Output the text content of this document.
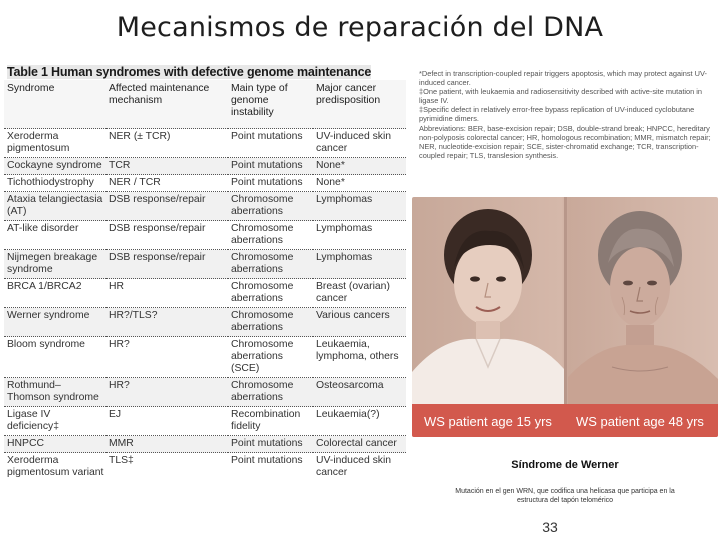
Mecanismos de reparación del DNA
Table 1 Human syndromes with defective genome maintenance
Syndrome	Affected maintenance mechanism	Main type of genome instability	Major cancer predisposition
Xeroderma pigmentosum	NER (± TCR)	Point mutations	UV-induced skin cancer
Cockayne syndrome	TCR	Point mutations	None*
Tichothiodystrophy	NER / TCR	Point mutations	None*
Ataxia telangiectasia (AT)	DSB response/repair	Chromosome aberrations	Lymphomas
AT-like disorder	DSB response/repair	Chromosome aberrations	Lymphomas
Nijmegen breakage syndrome	DSB response/repair	Chromosome aberrations	Lymphomas
BRCA 1/BRCA2	HR	Chromosome aberrations	Breast (ovarian) cancer
Werner syndrome	HR?/TLS?	Chromosome aberrations	Various cancers
Bloom syndrome	HR?	Chromosome aberrations (SCE)	Leukaemia, lymphoma, others
Rothmund–Thomson syndrome	HR?	Chromosome aberrations	Osteosarcoma
Ligase IV deficiency‡	EJ	Recombination fidelity	Leukaemia(?)
HNPCC	MMR	Point mutations	Colorectal cancer
Xeroderma pigmentosum variant	TLS‡	Point mutations	UV-induced skin cancer

*Defect in transcription-coupled repair triggers apoptosis, which may protect against UV-induced cancer.

‡One patient, with leukaemia and radiosensitivity described with active-site mutation in ligase IV.

‡Specific defect in relatively error-free bypass replication of UV-induced cyclobutane pyrimidine dimers.

Abbreviations: BER, base-excision repair; DSB, double-strand break; HNPCC, hereditary non-polyposis colorectal cancer; HR, homologous recombination; MMR, mismatch repair; NER, nucleotide-excision repair; SCE, sister-chromatid exchange; TCR, transcription-coupled repair; TLS, translesion synthesis.

WS patient age 15 yrs WS patient age 48 yrs
Síndrome de Werner
Mutación en el gen WRN, que codifica una helicasa que participa en la estructura del tapón telomérico
33
